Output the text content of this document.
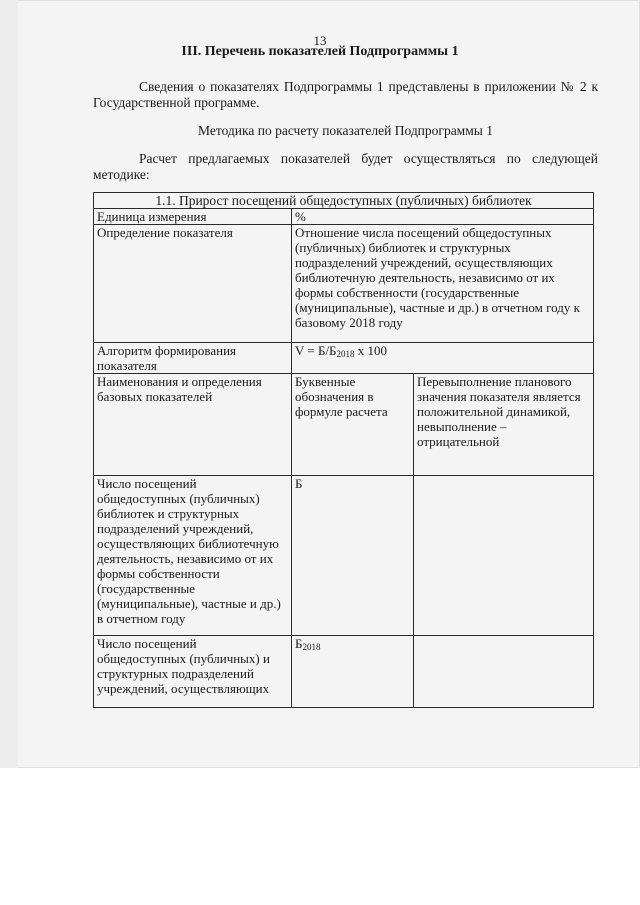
13
III. Перечень показателей Подпрограммы 1
Сведения о показателях Подпрограммы 1 представлены в приложении № 2 к Государственной программе.
Методика по расчету показателей Подпрограммы 1
Расчет предлагаемых показателей будет осуществляться по следующей методике:
1.1. Прирост посещений общедоступных (публичных) библиотек		
Единица измерения	%	
Определение показателя	Отношение числа посещений общедоступных (публичных) библиотек и структурных подразделений учреждений, осуществляющих библиотечную деятельность, независимо от их формы собственности (государственные (муниципальные), частные и др.) в отчетном году к базовому 2018 году	
Алгоритм формирования показателя	$V = Б/Б_{2018}$ х 100	
Наименования и определения базовых показателей	Буквенные обозначения в формуле расчета	Перевыполнение планового значения показателя является положительной динамикой, невыполнение – отрицательной
Число посещений общедоступных (публичных) библиотек и структурных подразделений учреждений, осуществляющих библиотечную деятельность, независимо от их формы собственности (государственные (муниципальные), частные и др.) в отчетном году	Б	
Число посещений общедоступных (публичных) и структурных подразделений учреждений, осуществляющих	$Б_{2018}$	
